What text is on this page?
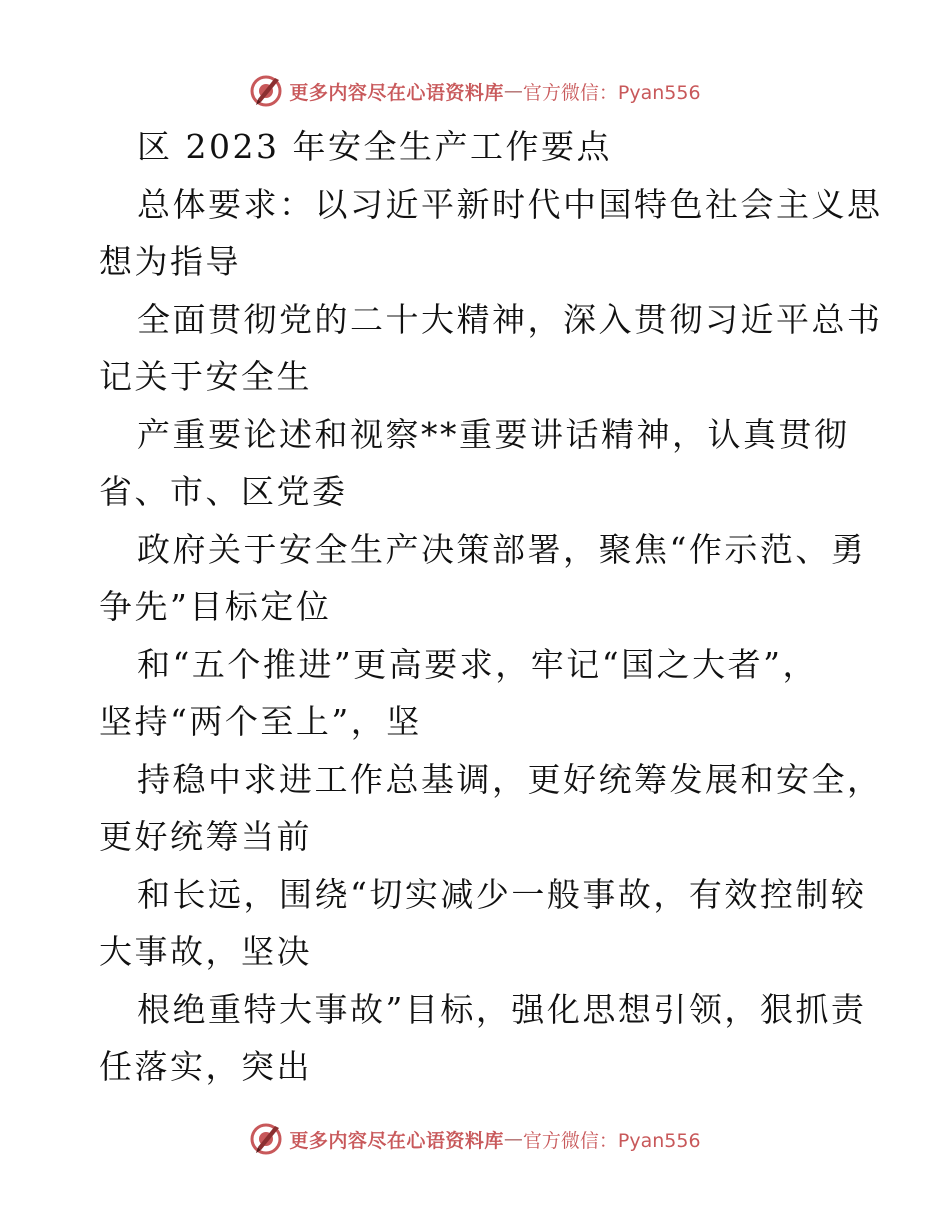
更多内容尽在心语资料库 — 官方微信：Pyan556
区 2023 年安全生产工作要点
总体要求：以习近平新时代中国特色社会主义思
想为指导
全面贯彻党的二十大精神，深入贯彻习近平总书
记关于安全生
产重要论述和视察**重要讲话精神，认真贯彻
省、市、区党委
政府关于安全生产决策部署，聚焦“作示范、勇
争先”目标定位
和“五个推进”更高要求，牢记“国之大者”，
坚持“两个至上”，坚
持稳中求进工作总基调，更好统筹发展和安全，
更好统筹当前
和长远，围绕“切实减少一般事故，有效控制较
大事故，坚决
根绝重特大事故”目标，强化思想引领，狠抓责
任落实，突出
更多内容尽在心语资料库 — 官方微信：Pyan556
